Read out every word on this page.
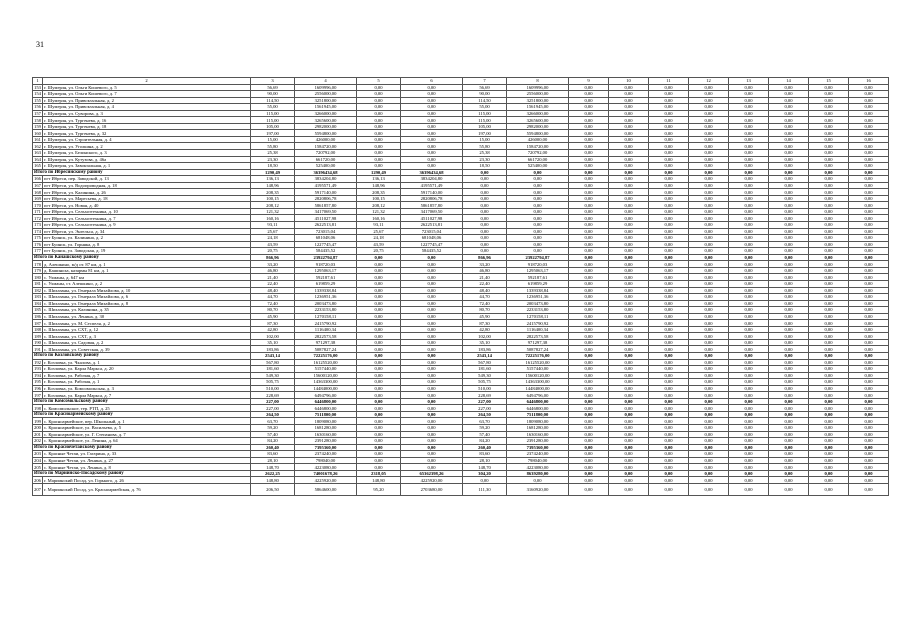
31
1	2	3	4	5	6	7	8	9	10	11	12	13	14	15	16
153	г. Шумерля, ул. Ольги Кошевого, д. 5	56,69	1609996,00	0,00	0,00	56,69	1609996,00	0,00	0,00	0,00	0,00	0,00	0,00	0,00	0,00
154	г. Шумерля, ул. Ольги Кошевого, д. 7	90,00	2556000,00	0,00	0,00	90,00	2556000,00	0,00	0,00	0,00	0,00	0,00	0,00	0,00	0,00
155	г. Шумерля, ул. Привокзальная, д. 2	114,50	3251800,00	0,00	0,00	114,50	3251800,00	0,00	0,00	0,00	0,00	0,00	0,00	0,00	0,00
156	г. Шумерля, ул. Привокзальная, д. 4	55,00	1561945,00	0,00	0,00	55,00	1561945,00	0,00	0,00	0,00	0,00	0,00	0,00	0,00	0,00
157	г. Шумерля, ул. Суворова, д. 3	115,00	3266000,00	0,00	0,00	115,00	3266000,00	0,00	0,00	0,00	0,00	0,00	0,00	0,00	0,00
158	г. Шумерля, ул. Тургенева, д. 16	115,00	3265600,00	0,00	0,00	115,00	3265600,00	0,00	0,00	0,00	0,00	0,00	0,00	0,00	0,00
159	г. Шумерля, ул. Тургенева, д. 18	105,00	2982000,00	0,00	0,00	105,00	2982000,00	0,00	0,00	0,00	0,00	0,00	0,00	0,00	0,00
160	г. Шумерля, ул. Тургенева, д. 32	197,00	5594800,00	0,00	0,00	197,00	5594800,00	0,00	0,00	0,00	0,00	0,00	0,00	0,00	0,00
161	г. Шумерля, ул. Строительная, д. 4	15,00	426000,00	0,00	0,00	15,00	426000,00	0,00	0,00	0,00	0,00	0,00	0,00	0,00	0,00
162	г. Шумерля, ул. Уголкина, д. 2	55,80	1584720,00	0,00	0,00	55,80	1584720,00	0,00	0,00	0,00	0,00	0,00	0,00	0,00	0,00
163	г. Шумерля, ул. Белинского, д. 3	25,38	720792,00	0,00	0,00	25,38	720792,00	0,00	0,00	0,00	0,00	0,00	0,00	0,00	0,00
164	г. Шумерля, ул. Кутузова, д. 46а	23,30	661720,00	0,00	0,00	23,30	661720,00	0,00	0,00	0,00	0,00	0,00	0,00	0,00	0,00
165	г. Шумерля, ул. Завокзальная, д. 1	18,50	525400,00	0,00	0,00	18,50	525400,00	0,00	0,00	0,00	0,00	0,00	0,00	0,00	0,00
Итого по Ибресинскому району		1290,49	36396434,68	1290,49	36396434,68	0,00	0,00	0,00	0,00	0,00	0,00	0,00	0,00	0,00	0,00
166	пгт Ибреси, пер. Заводской, д. 13	136,13	3834204,80	136,13	3834204,80	0,00	0,00	0,00	0,00	0,00	0,00	0,00	0,00	0,00	0,00
167	пгт Ибреси, ул. Водопроводная, д. 18	148,96	4195571,49	148,96	4195571,49	0,00	0,00	0,00	0,00	0,00	0,00	0,00	0,00	0,00	0,00
168	пгт Ибреси, ул. Калинина, д. 26	208,35	5917140,00	208,35	5917140,00	0,00	0,00	0,00	0,00	0,00	0,00	0,00	0,00	0,00	0,00
169	пгт Ибреси, ул. Маресьева, д. 18	100,15	2820806,78	100,15	2820806,78	0,00	0,00	0,00	0,00	0,00	0,00	0,00	0,00	0,00	0,00
170	пгт Ибреси, ул. Новая, д. 40	208,12	5861857,80	208,12	5861857,80	0,00	0,00	0,00	0,00	0,00	0,00	0,00	0,00	0,00	0,00
171	пгт Ибреси, ул. Сельхозтехника, д. 10	121,32	3417069,50	121,32	3417069,50	0,00	0,00	0,00	0,00	0,00	0,00	0,00	0,00	0,00	0,00
172	пгт Ибреси, ул. Сельхозтехника, д. 7	160,16	4511027,98	160,16	4511027,98	0,00	0,00	0,00	0,00	0,00	0,00	0,00	0,00	0,00	0,00
173	пгт Ибреси, ул. Сельхозтехника, д. 9	93,11	2622513,81	93,11	2622513,81	0,00	0,00	0,00	0,00	0,00	0,00	0,00	0,00	0,00	0,00
174	пгт Ибреси, ул. Энгельса, д. 34	25,67	723015,04	25,67	723015,04	0,00	0,00	0,00	0,00	0,00	0,00	0,00	0,00	0,00	0,00
175	пгт Буинск, ул. Калинина, д. 2	24,18	681048,06	24,18	681048,06	0,00	0,00	0,00	0,00	0,00	0,00	0,00	0,00	0,00	0,00
176	пгт Буинск, ул. Горняка, д. 8	43,59	1227745,47	43,59	1227745,47	0,00	0,00	0,00	0,00	0,00	0,00	0,00	0,00	0,00	0,00
177	пгт Буинск, ул. Заводская, д. 19	20,75	584435,52	20,75	584435,52	0,00	0,00	0,00	0,00	0,00	0,00	0,00	0,00	0,00	0,00
Итого по Канашскому району		866,96	23922794,87	0,00	0,00	866,96	23922794,87	0,00	0,00	0,00	0,00	0,00	0,00	0,00	0,00
178	д. Алешкино, м/д от. 87 км, д. 1	33,20	918720,03	0,00	0,00	33,20	918720,03	0,00	0,00	0,00	0,00	0,00	0,00	0,00	0,00
179	д. Кашиноха, казармы 81 км, д. 1	46,80	1295063,17	0,00	0,00	46,80	1295063,17	0,00	0,00	0,00	0,00	0,00	0,00	0,00	0,00
180	с. Ухманы, д. 647 км	21,40	592187,61	0,00	0,00	21,40	592187,61	0,00	0,00	0,00	0,00	0,00	0,00	0,00	0,00
181	с. Ухманы, ст. Алешкино, д. 2	22,40	619859,29	0,00	0,00	22,40	619859,29	0,00	0,00	0,00	0,00	0,00	0,00	0,00	0,00
182	с. Шихазаны, ул. Генерала Михайлова, д. 10	48,40	1339338,84	0,00	0,00	48,40	1339338,84	0,00	0,00	0,00	0,00	0,00	0,00	0,00	0,00
183	с. Шихазаны, ул. Генерала Михайлова, д. 6	44,70	1236951,36	0,00	0,00	44,70	1236951,36	0,00	0,00	0,00	0,00	0,00	0,00	0,00	0,00
184	с. Шихазаны, ул. Генерала Михайлова, д. 8	72,40	2003473,80	0,00	0,00	72,40	2003473,80	0,00	0,00	0,00	0,00	0,00	0,00	0,00	0,00
185	с. Шихазаны, ул. Калинина, д. 35	80,70	2233153,80	0,00	0,00	80,70	2233153,80	0,00	0,00	0,00	0,00	0,00	0,00	0,00	0,00
186	с. Шихазаны, ул. Ленина, д. 30	45,90	1270158,11	0,00	0,00	45,90	1270158,11	0,00	0,00	0,00	0,00	0,00	0,00	0,00	0,00
187	с. Шихазаны, ул. М. Сеспеля, д. 2	87,30	2415790,92	0,00	0,00	87,30	2415790,92	0,00	0,00	0,00	0,00	0,00	0,00	0,00	0,00
188	с. Шихазаны, ул. СХТ, д. 12	42,80	1116400,34	0,00	0,00	42,80	1116400,34	0,00	0,00	0,00	0,00	0,00	0,00	0,00	0,00
189	с. Шихазаны, ул. СХТ, д. 3	102,00	2822573,58	0,00	0,00	102,00	2822573,58	0,00	0,00	0,00	0,00	0,00	0,00	0,00	0,00
190	с. Шихазаны, ул. Садовая, д. 2	35,10	971297,38	0,00	0,00	35,10	971297,38	0,00	0,00	0,00	0,00	0,00	0,00	0,00	0,00
191	с. Шихазаны, ул. Советская, д. 39	183,86	5087827,24	0,00	0,00	183,86	5087827,24	0,00	0,00	0,00	0,00	0,00	0,00	0,00	0,00
Итого по Козловскому району		2543,14	72225176,00	0,00	0,00	2543,14	72225176,00	0,00	0,00	0,00	0,00	0,00	0,00	0,00	0,00
192	г. Козловка, ул. Чкалова, д. 1	567,80	16125520,00	0,00	0,00	567,80	16125520,00	0,00	0,00	0,00	0,00	0,00	0,00	0,00	0,00
193	г. Козловка, ул. Карла Маркса, д. 20	181,60	5157440,00	0,00	0,00	181,60	5157440,00	0,00	0,00	0,00	0,00	0,00	0,00	0,00	0,00
194	г. Козловка, ул. Рабочая, д. 7	549,30	15600120,00	0,00	0,00	549,30	15600120,00	0,00	0,00	0,00	0,00	0,00	0,00	0,00	0,00
195	г. Козловка, ул. Рабочая, д. 1	505,75	14363300,00	0,00	0,00	505,75	14363300,00	0,00	0,00	0,00	0,00	0,00	0,00	0,00	0,00
196	г. Козловка, ул. Комсомольская, д. 3	510,00	14484000,00	0,00	0,00	510,00	14484000,00	0,00	0,00	0,00	0,00	0,00	0,00	0,00	0,00
197	г. Козловка, ул. Карла Маркса, д. 7	228,69	6494796,00	0,00	0,00	228,69	6494796,00	0,00	0,00	0,00	0,00	0,00	0,00	0,00	0,00
Итого по Комсомольскому району		227,00	6446800,00	0,00	0,00	227,00	6446800,00	0,00	0,00	0,00	0,00	0,00	0,00	0,00	0,00
198	с. Комсомольское, тер. РТП, д. 25	227,00	6446800,00	0,00	0,00	227,00	6446800,00	0,00	0,00	0,00	0,00	0,00	0,00	0,00	0,00
Итого по Красноармейскому району		264,50	7511800,00	0,00	0,00	264,50	7511800,00	0,00	0,00	0,00	0,00	0,00	0,00	0,00	0,00
199	с. Красноармейское, пер. Школьный, д. 1	63,70	1809080,00	0,00	0,00	63,70	1809080,00	0,00	0,00	0,00	0,00	0,00	0,00	0,00	0,00
200	с. Красноармейское, ул. Васильева, д. 5	59,20	1681280,00	0,00	0,00	59,20	1681280,00	0,00	0,00	0,00	0,00	0,00	0,00	0,00	0,00
201	с. Красноармейское, ул. Г. Степанова, д. 7	57,40	1630160,00	0,00	0,00	57,40	1630160,00	0,00	0,00	0,00	0,00	0,00	0,00	0,00	0,00
202	с. Красноармейское, ул. Ленина, д. 64	84,20	2391280,00	0,00	0,00	84,20	2391280,00	0,00	0,00	0,00	0,00	0,00	0,00	0,00	0,00
Итого по Красночетайскому району		260,40	7395360,00	0,00	0,00	260,40	7395360,00	0,00	0,00	0,00	0,00	0,00	0,00	0,00	0,00
203	с. Красные Четаи, ул. Гагарина, д. 33	83,60	2374240,00	0,00	0,00	83,60	2374240,00	0,00	0,00	0,00	0,00	0,00	0,00	0,00	0,00
204	с. Красные Четаи, ул. Ленина, д. 27	28,10	798040,00	0,00	0,00	28,10	798040,00	0,00	0,00	0,00	0,00	0,00	0,00	0,00	0,00
205	с. Красные Четаи, ул. Ленина, д. 8	148,70	4223080,00	0,00	0,00	148,70	4223080,00	0,00	0,00	0,00	0,00	0,00	0,00	0,00	0,00
Итого по Мариинско-Посадскому району		2622,25	74001678,26	2318,05	65362398,26	304,20	8639280,00	0,00	0,00	0,00	0,00	0,00	0,00	0,00	0,00
206	г. Мариинский Посад, ул. Горького, д. 26	148,80	4225920,00	148,80	4225920,00	0,00	0,00	0,00	0,00	0,00	0,00	0,00	0,00	0,00	0,00
207	г. Мариинский Посад, ул. Красноармейская, д. 76	206,50	5864600,00	95,20	2703680,00	111,30	3160920,00	0,00	0,00	0,00	0,00	0,00	0,00	0,00	0,00
